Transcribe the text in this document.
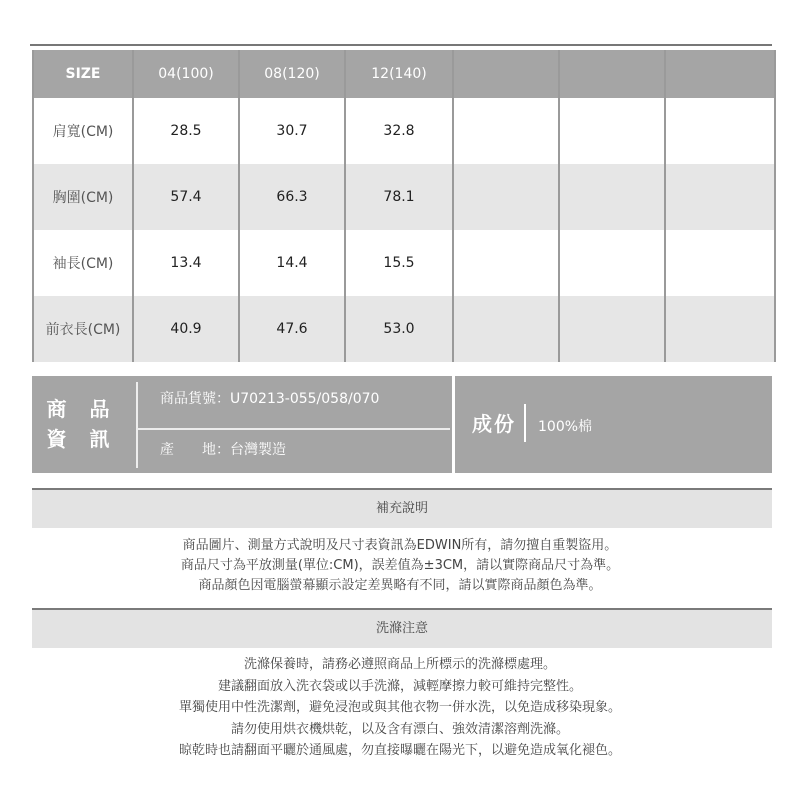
SIZE	04(100)	08(120)	12(140)			
肩寬(CM)	28.5	30.7	32.8			
胸圍(CM)	57.4	66.3	78.1			
袖長(CM)	13.4	14.4	15.5			
前衣長(CM)	40.9	47.6	53.0			
商 品
資 訊
商品貨號：U70213-055/058/070
產　　地：台灣製造
成份 100%棉
補充說明
商品圖片、測量方式說明及尺寸表資訊為EDWIN所有，請勿擅自重製盜用。
商品尺寸為平放測量(單位:CM)，誤差值為±3CM，請以實際商品尺寸為準。
商品顏色因電腦螢幕顯示設定差異略有不同，請以實際商品顏色為準。
洗滌注意
洗滌保養時，請務必遵照商品上所標示的洗滌標處理。
建議翻面放入洗衣袋或以手洗滌，減輕摩擦力較可維持完整性。
單獨使用中性洗潔劑，避免浸泡或與其他衣物一併水洗，以免造成移染現象。
請勿使用烘衣機烘乾，以及含有漂白、強效清潔溶劑洗滌。
晾乾時也請翻面平曬於通風處，勿直接曝曬在陽光下，以避免造成氧化褪色。
